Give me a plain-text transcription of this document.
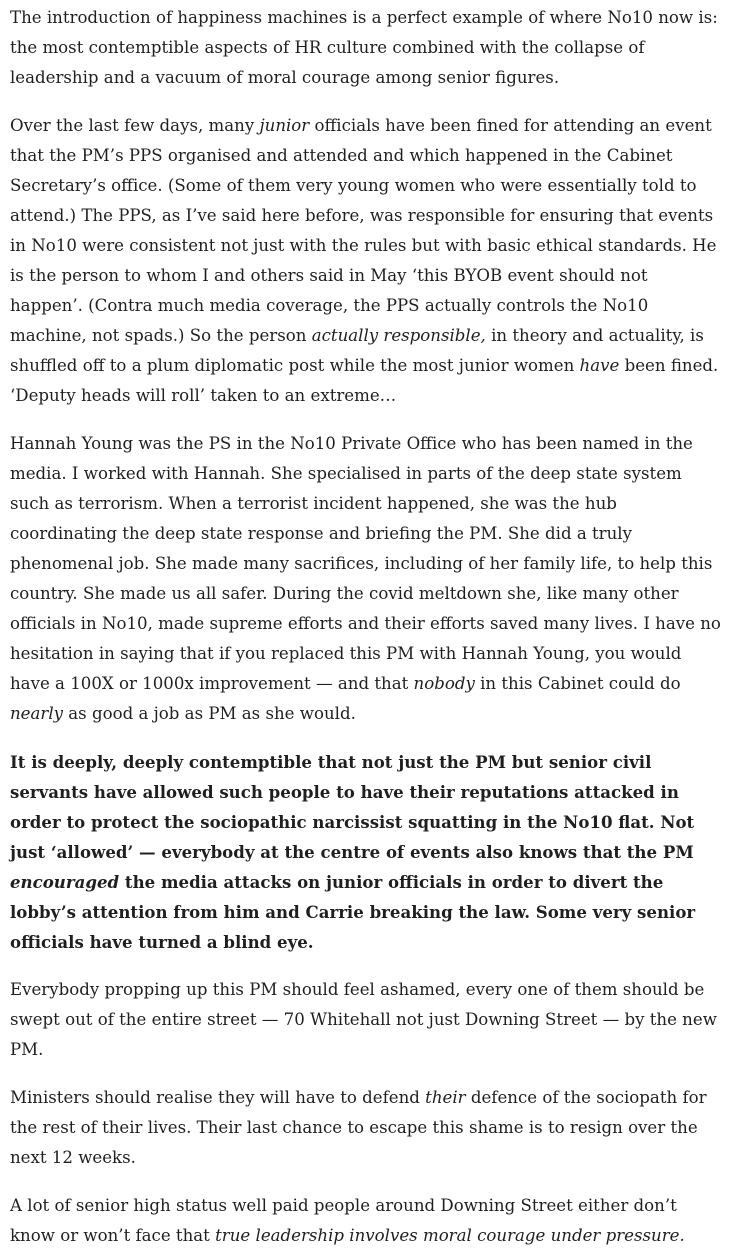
The introduction of happiness machines is a perfect example of where No10 now is: the most contemptible aspects of HR culture combined with the collapse of leadership and a vacuum of moral courage among senior figures.

Over the last few days, many junior officials have been fined for attending an event that the PM’s PPS organised and attended and which happened in the Cabinet Secretary’s office. (Some of them very young women who were essentially told to attend.) The PPS, as I’ve said here before, was responsible for ensuring that events in No10 were consistent not just with the rules but with basic ethical standards. He is the person to whom I and others said in May ‘this BYOB event should not happen’. (Contra much media coverage, the PPS actually controls the No10 machine, not spads.) So the person actually responsible, in theory and actuality, is shuffled off to a plum diplomatic post while the most junior women have been fined. ‘Deputy heads will roll’ taken to an extreme…

Hannah Young was the PS in the No10 Private Office who has been named in the media. I worked with Hannah. She specialised in parts of the deep state system such as terrorism. When a terrorist incident happened, she was the hub coordinating the deep state response and briefing the PM. She did a truly phenomenal job. She made many sacrifices, including of her family life, to help this country. She made us all safer. During the covid meltdown she, like many other officials in No10, made supreme efforts and their efforts saved many lives. I have no hesitation in saying that if you replaced this PM with Hannah Young, you would have a 100X or 1000x improvement — and that nobody in this Cabinet could do nearly as good a job as PM as she would.

It is deeply, deeply contemptible that not just the PM but senior civil servants have allowed such people to have their reputations attacked in order to protect the sociopathic narcissist squatting in the No10 flat. Not just ‘allowed’ — everybody at the centre of events also knows that the PM encouraged the media attacks on junior officials in order to divert the lobby’s attention from him and Carrie breaking the law. Some very senior officials have turned a blind eye.

Everybody propping up this PM should feel ashamed, every one of them should be swept out of the entire street — 70 Whitehall not just Downing Street — by the new PM.

Ministers should realise they will have to defend their defence of the sociopath for the rest of their lives. Their last chance to escape this shame is to resign over the next 12 weeks.

A lot of senior high status well paid people around Downing Street either don’t know or won’t face that true leadership involves moral courage under pressure.
